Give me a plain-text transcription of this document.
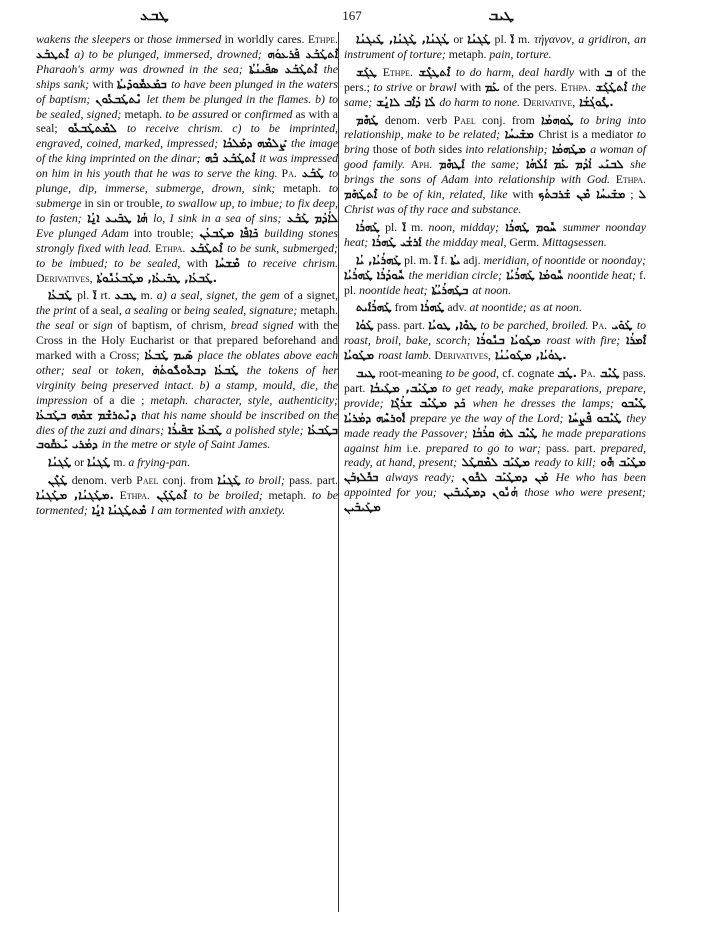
ܛܒܥ	167	ܛܝܒ

wakens the sleepers or those immersed in worldly cares. Ethpe. ܐܶܬܛܒܰܥ a) to be plunged, immersed, drowned; ܐܶܬܛܰܒܰܥ ܦܰܪܥܘܿܗ Pharaoh's army was drowned in the sea; ܐܶܬܛܰܒܰܥ ܣܦܺܝܢܳܬܳܐ the ships sank; with ܒܡܰܥܡܽܘܕܺܝܬܳܐ to have been plunged in the waters of baptism; ܢܶܬܛܰܒܥܽܘܢ let them be plunged in the flames. b) to be sealed, signed; metaph. to be assured or confirmed as with a seal; ܠܡܶܬܛܰܒܥܽܘ to receive chrism. c) to be imprinted, engraved, coined, marked, impressed; ܨܰܠܡܶܗ ܕܡܰܠܟܳܐ the image of the king imprinted on the dinar; ܐܶܬܛܰܒܰܥ ܒܶܗ it was impressed on him in his youth that he was to serve the king. Pa. ܛܰܒܰܥ to plunge, dip, immerse, submerge, drown, sink; metaph. to submerge in sin or trouble, to swallow up, to imbue; to fix deep, to fasten; ܗܳܐ ܛܒܺܝܥ ܐ̱ܢܳܐ lo, I sink in a sea of sins; ܠܐܳܕܳܡ ܛܰܒܰܥ Eve plunged Adam into trouble; ܟܺܐܦܶܐ ܡܛܰܒܥܳܢ building stones strongly fixed with lead. Ethpa. ܐܶܬܛܰܒܰܥ to be sunk, submerged; to be imbued; to be sealed, with ܡܶܫܚܳܐ to receive chrism. Derivatives, ܛܰܒܥܳܐ, ܛܒܺܝܥܳܐ, ܡܛܰܒܥܳܢܽܘܬܳܐ.

ܛܰܒܥܳܐ pl. ܐ̈ rt. ܛܒܥ m. a) a seal, signet, the gem of a signet, the print of a seal, a sealing or being sealed, signature; metaph. the seal or sign of baptism, of chrism, bread signed with the Cross in the Holy Eucharist or that prepared beforehand and marked with a Cross; ܣܺܝܡ ܛܰܒܥܳܐ place the oblates above each other; seal or token, ܛܰܒܥܳܐ ܕܒܬܽܘܠܽܘܬܳܗ̇ the tokens of her virginity being preserved intact. b) a stamp, mould, die, the impression of a die ; metaph. character, style, authenticity; ܕܢܶܬܪܫܶܡ ܫܡܶܗ ܒܛܰܒܥܳܐ that his name should be inscribed on the dies of the zuzi and dinars; ܛܰܒܥܳܐ ܫܦܺܝܪܳܐ a polished style; ܒܛܰܒܥܳܐ ܕܡܳܪܝ ܝܰܥܩܽܘܒ in the metre or style of Saint James.

ܛܰܓܢܳܐ or ܛܰܓܢܳܐ m. a frying-pan.

ܛܰܓܶܢ denom. verb Pael conj. from ܛܰܓܢܳܐ to broil; pass. part. ܡܛܰܓܢܳܐ, ܡܛܰܓܢܳܐ. Ethpa. ܐܶܬܛܰܓܰܢ to be broiled; metaph. to be tormented; ܡܶܬܛܰܓܢܳܐ ܐ̱ܢܳܐ I am tormented with anxiety.

ܛܳܓܢܳܐ, ܛܰܓܢܳܐ, ܛܺܝܓܢܳܐ or ܛܰܓܢܳܐ pl. ܐ̈ m. τήγανον, a gridiron, an instrument of torture; metaph. pain, torture.

ܛܓܰܫ Ethpe. ܐܶܬܛܓܶܫ to do harm, deal hardly with ܒ of the pers.; to strive or brawl with ܥܰܡ of the pers. Ethpa. ܐܶܬܛܰܓܰܫ the same; ܠܳܐ ܕܳܐܶܒ ܠܐ̱ܢܳܫ do harm to none. Derivative, ܛܽܘܓܳܫܳܐ.

ܛܰܗܶܡ denom. verb Pael conj. from ܛܳܘܗܡܳܐ to bring into relationship, make to be related; ܡܫܺܝܚܳܐ Christ is a mediator to bring those of both sides into relationship; ܡܛܰܗܡܳܐ a woman of good family. Aph. ܐܰܛܗܶܡ the same; ܠܒܢܰܝ ܐܳܕܳܡ ܥܰܡ ܐܰܠܳܗܳܐ she brings the sons of Adam into relationship with God. Ethpa. ܐܶܬܛܰܗܰܡ to be of kin, related, like with	ܠ ; ܡܫܺܝܚܳܐ ܡܶܢ ܫܰܪܒܬܳܟ Christ was of thy race and substance.

ܛܰܗܪܳܐ pl. ܐ̈ m. noon, midday; ܚܽܘܡ ܛܰܗܪܳܐ summer noonday heat; ܐܰܪܫܳܝ ܛܰܗܪܳܐ the midday meal, Germ. Mittagsessen.

ܛܰܗܪܳܝܳܐ, ܝܳܐ pl. m. ܐ̈ f. ܝܬܳܐ adj. meridian, of noontide or noonday; ܚܽܘܕܳܪܳܐ ܛܰܗܪܳܝܳܐ the meridian circle; ܚܽܘܡܳܐ ܛܰܗܪܳܝܳܐ noontide heat; f. pl. noontide heat; ܒܛܰܗܪܳܝܳܬܳܐ at noon.

ܛܰܗܪܳܐܺܝܬ from ܛܰܗܪܳܐ adv. at noontide; as at noon.

ܛܰܘܳܐ pass. part. ܛܘܶܐ, ܛܘܝܳܐ to be parched, broiled. Pa. ܛܰܘܺܝ to roast, broil, bake, scorch; ܡܛܰܘܝܳܐ ܒܢܽܘܪܳܐ roast with fire; ܐܶܡܪܳܐ ܡܛܰܘܝܳܐ roast lamb. Derivatives, ܛܘܳܝܳܐ, ܡܛܰܘܝܳܢܳܐ.

ܛܝܒ root-meaning to be good, cf. cognate ܛܳܒ. Pa. ܛܰܝܶܒ pass. part. ܡܛܰܝܰܒ, ܡܛܰܝܒܳܐ to get ready, make preparations, prepare, provide; ܟܰܕ ܡܛܰܝܶܒ ܫܪܳܓܶܐ when he dresses the lamps; ܛܰܝܶܒܘ ܐܽܘܪܚܶܗ ܕܡܳܪܝܳܐ prepare ye the way of the Lord; ܛܰܝܶܒܘ ܦܶܨܚܳܐ they made ready the Passover; ܛܰܝܶܒ ܠܗ̇ ܩܪܳܒܳܐ he made preparations against him i.e. prepared to go to war; pass. part. prepared, ready, at hand, present; ܡܛܰܝܰܒ ܠܡܶܩܛܰܠ ready to kill; ܡܛܰܝܰܒ ܗܽܘ ܒܟܽܠܙܒܰܢ always ready; ܡܰܢ ܕܡܛܰܝܰܒ ܠܟܽܘܢ He who has been appointed for you; ܗܳܢܽܘܢ ܕܡܛܰܝܒܺܝܢ those who were present; ܡܛܰܝܒܺܝܢ
